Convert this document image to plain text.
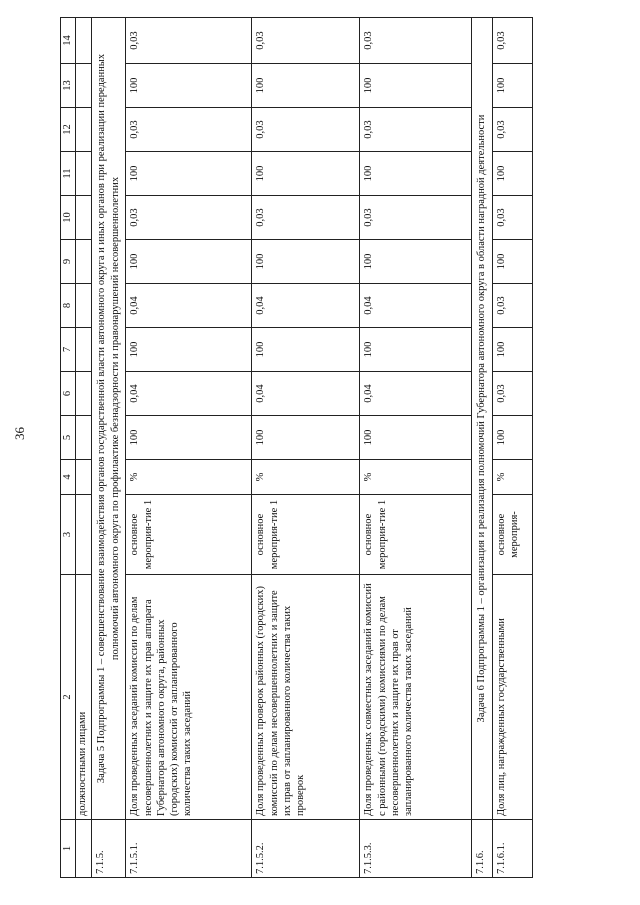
36
1	2	3	4	5	6	7	8	9	10	11	12	13	14
	должностными лицами												
7.1.5.	Задача 5 Подпрограммы 1 – совершенствование взаимодействия органов государственной власти автономного округа и иных органов при реализации переданных полномочий автономного округа по профилактике безнадзорности и правонарушений несовершеннолетних												
7.1.5.1.	Доля проведенных заседаний комиссии по делам несовершеннолетних и защите их прав аппарата Губернатора автономного округа, районных (городских) комиссий от запланированного количества таких заседаний	основное мероприя-тие 1	%	100	0,04	100	0,04	100	0,03	100	0,03	100	0,03
7.1.5.2.	Доля проведенных проверок районных (городских) комиссий по делам несовершеннолетних и защите их прав от запланированного количества таких проверок	основное мероприя-тие 1	%	100	0,04	100	0,04	100	0,03	100	0,03	100	0,03
7.1.5.3.	Доля проведенных совместных заседаний комиссий с районными (городскими) комиссиями по делам несовершеннолетних и защите их прав от запланированного количества таких заседаний	основное мероприя-тие 1	%	100	0,04	100	0,04	100	0,03	100	0,03	100	0,03
7.1.6.	Задача 6 Подпрограммы 1 – организация и реализация полномочий Губернатора автономного округа в области наградной деятельности												
7.1.6.1.	Доля лиц, награжденных государственными	основное мероприя-	%	100	0,03	100	0,03	100	0,03	100	0,03	100	0,03
